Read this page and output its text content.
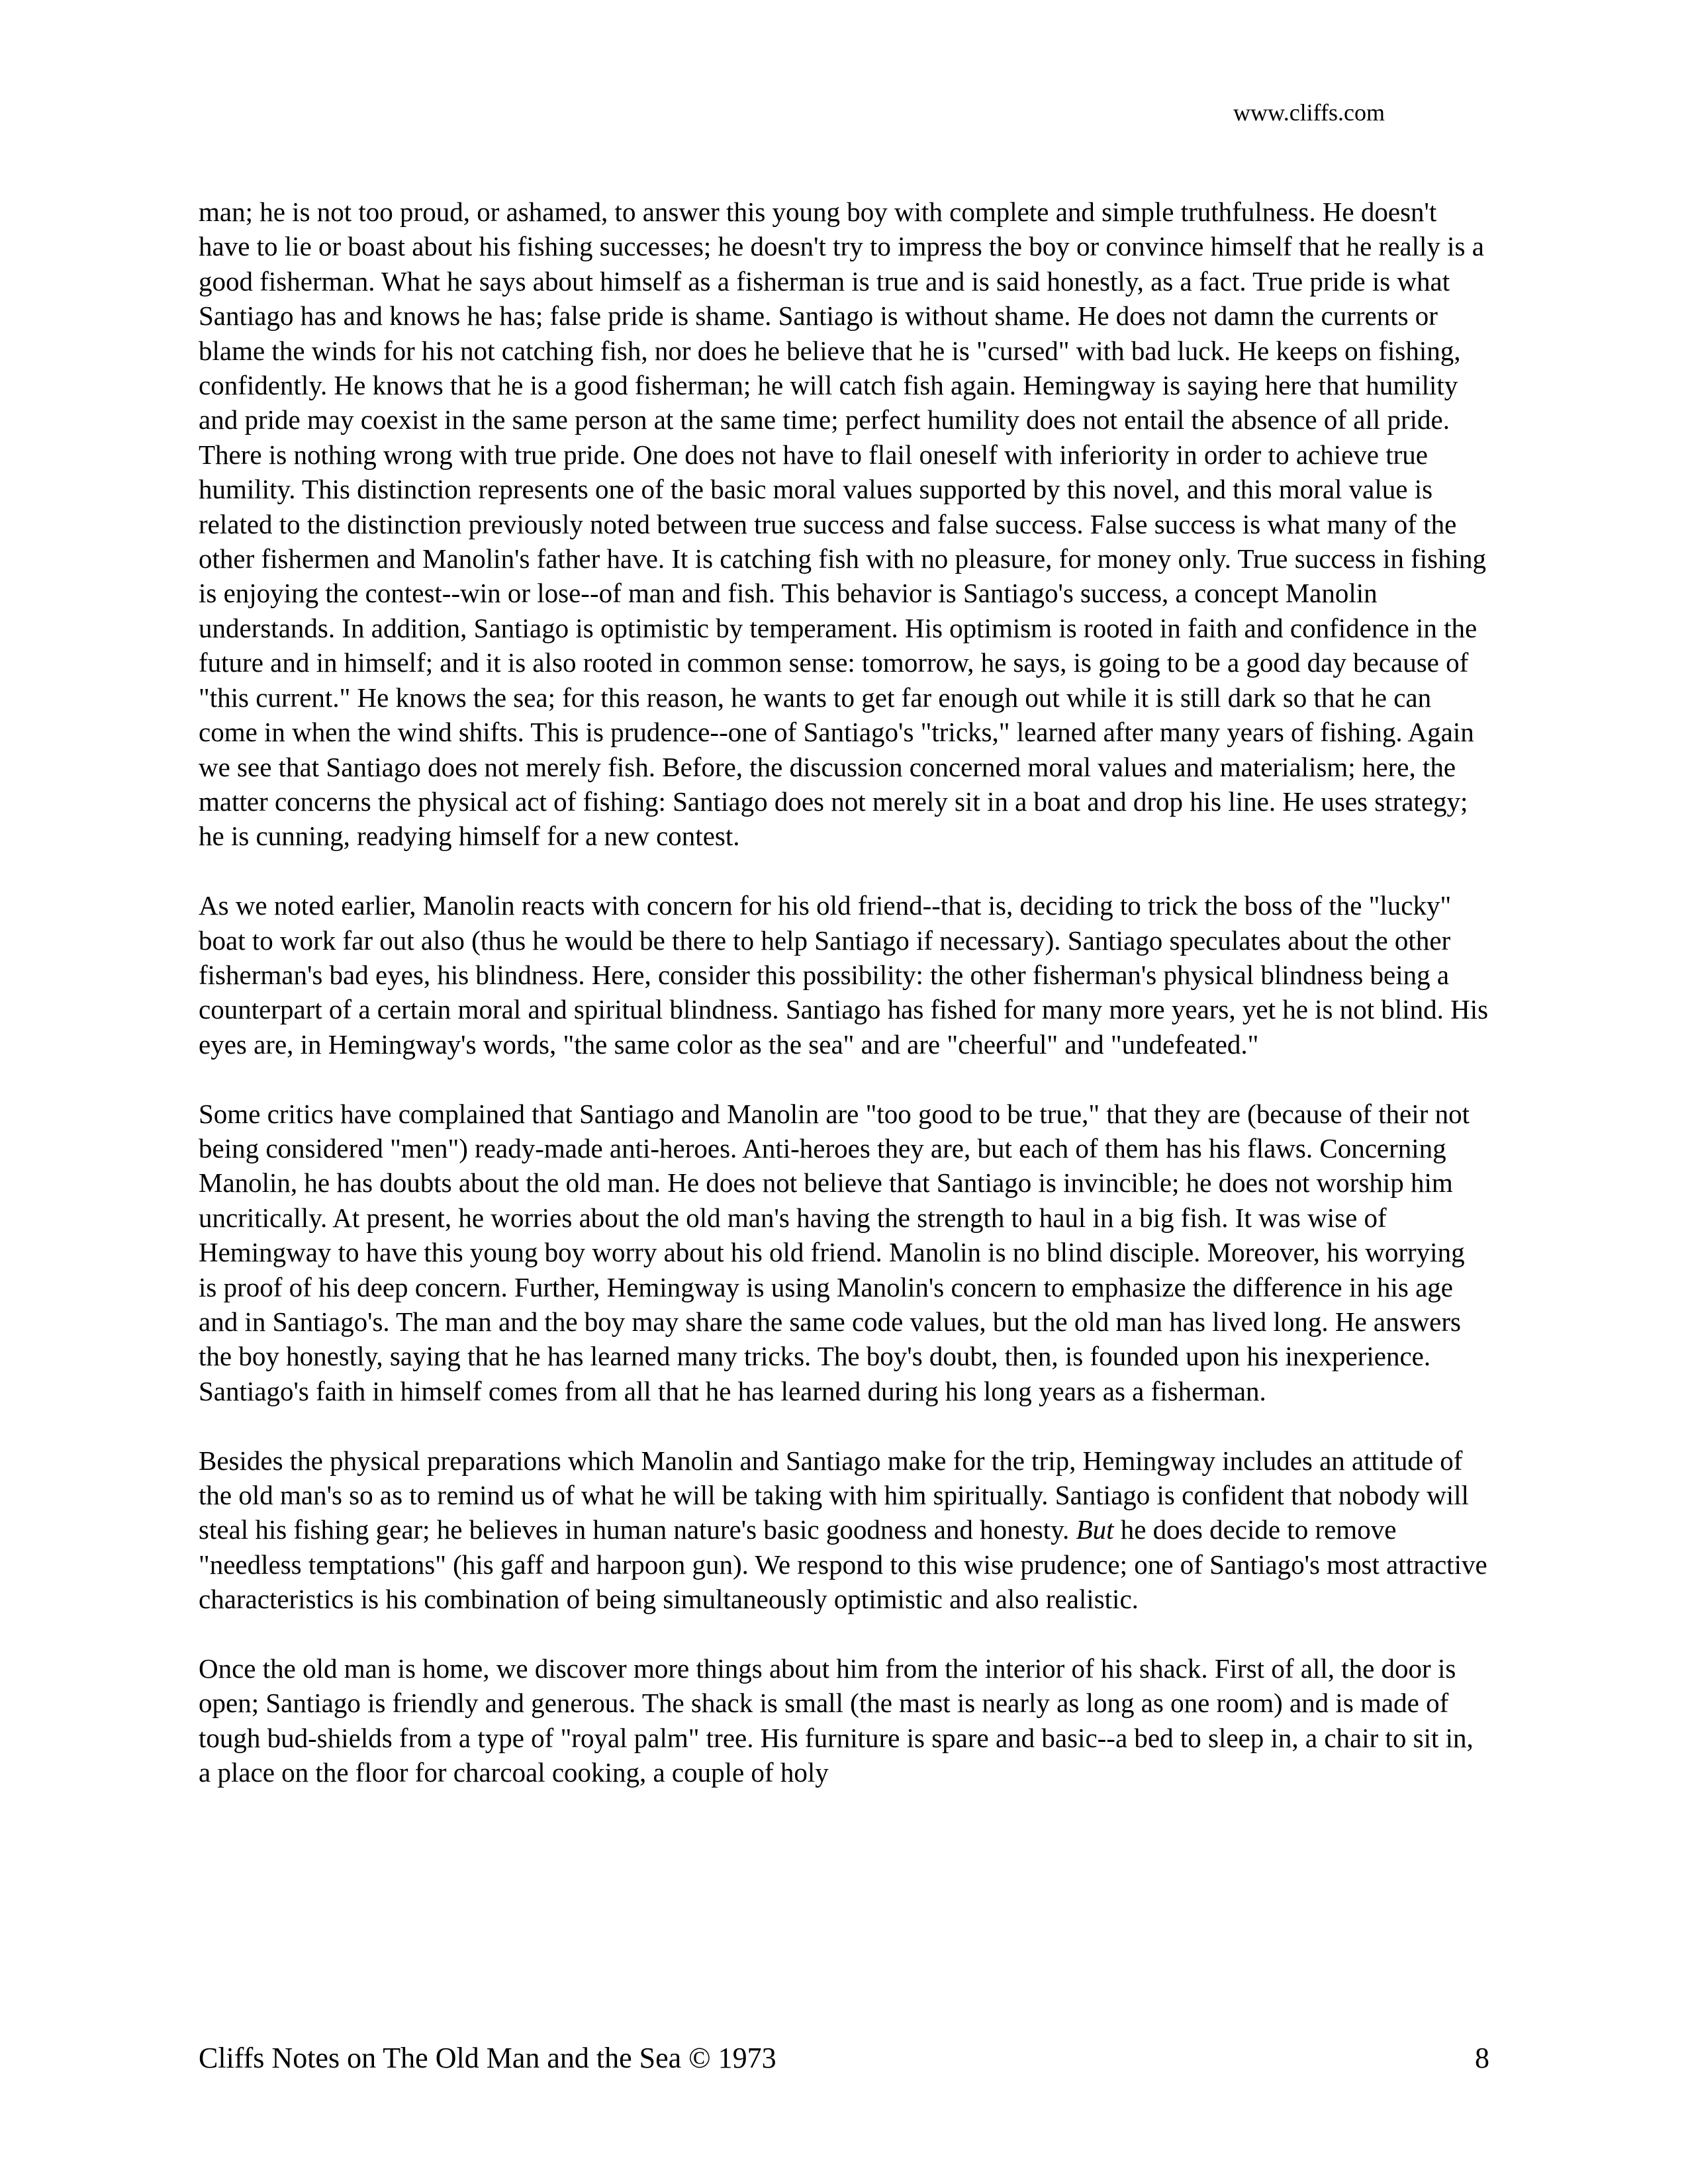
www.cliffs.com

man; he is not too proud, or ashamed, to answer this young boy with complete and simple truthfulness. He doesn't have to lie or boast about his fishing successes; he doesn't try to impress the boy or convince himself that he really is a good fisherman. What he says about himself as a fisherman is true and is said honestly, as a fact. True pride is what Santiago has and knows he has; false pride is shame. Santiago is without shame. He does not damn the currents or blame the winds for his not catching fish, nor does he believe that he is "cursed" with bad luck. He keeps on fishing, confidently. He knows that he is a good fisherman; he will catch fish again. Hemingway is saying here that humility and pride may coexist in the same person at the same time; perfect humility does not entail the absence of all pride. There is nothing wrong with true pride. One does not have to flail oneself with inferiority in order to achieve true humility. This distinction represents one of the basic moral values supported by this novel, and this moral value is related to the distinction previously noted between true success and false success. False success is what many of the other fishermen and Manolin's father have. It is catching fish with no pleasure, for money only. True success in fishing is enjoying the contest--win or lose--of man and fish. This behavior is Santiago's success, a concept Manolin understands. In addition, Santiago is optimistic by temperament. His optimism is rooted in faith and confidence in the future and in himself; and it is also rooted in common sense: tomorrow, he says, is going to be a good day because of "this current." He knows the sea; for this reason, he wants to get far enough out while it is still dark so that he can come in when the wind shifts. This is prudence--one of Santiago's "tricks," learned after many years of fishing. Again we see that Santiago does not merely fish. Before, the discussion concerned moral values and materialism; here, the matter concerns the physical act of fishing: Santiago does not merely sit in a boat and drop his line. He uses strategy; he is cunning, readying himself for a new contest.

As we noted earlier, Manolin reacts with concern for his old friend--that is, deciding to trick the boss of the "lucky" boat to work far out also (thus he would be there to help Santiago if necessary). Santiago speculates about the other fisherman's bad eyes, his blindness. Here, consider this possibility: the other fisherman's physical blindness being a counterpart of a certain moral and spiritual blindness. Santiago has fished for many more years, yet he is not blind. His eyes are, in Hemingway's words, "the same color as the sea" and are "cheerful" and "undefeated."

Some critics have complained that Santiago and Manolin are "too good to be true," that they are (because of their not being considered "men") ready-made anti-heroes. Anti-heroes they are, but each of them has his flaws. Concerning Manolin, he has doubts about the old man. He does not believe that Santiago is invincible; he does not worship him uncritically. At present, he worries about the old man's having the strength to haul in a big fish. It was wise of Hemingway to have this young boy worry about his old friend. Manolin is no blind disciple. Moreover, his worrying is proof of his deep concern. Further, Hemingway is using Manolin's concern to emphasize the difference in his age and in Santiago's. The man and the boy may share the same code values, but the old man has lived long. He answers the boy honestly, saying that he has learned many tricks. The boy's doubt, then, is founded upon his inexperience. Santiago's faith in himself comes from all that he has learned during his long years as a fisherman.

Besides the physical preparations which Manolin and Santiago make for the trip, Hemingway includes an attitude of the old man's so as to remind us of what he will be taking with him spiritually. Santiago is confident that nobody will steal his fishing gear; he believes in human nature's basic goodness and honesty. But he does decide to remove "needless temptations" (his gaff and harpoon gun). We respond to this wise prudence; one of Santiago's most attractive characteristics is his combination of being simultaneously optimistic and also realistic.

Once the old man is home, we discover more things about him from the interior of his shack. First of all, the door is open; Santiago is friendly and generous. The shack is small (the mast is nearly as long as one room) and is made of tough bud-shields from a type of "royal palm" tree. His furniture is spare and basic--a bed to sleep in, a chair to sit in, a place on the floor for charcoal cooking, a couple of holy

Cliffs Notes on The Old Man and the Sea © 1973	8
